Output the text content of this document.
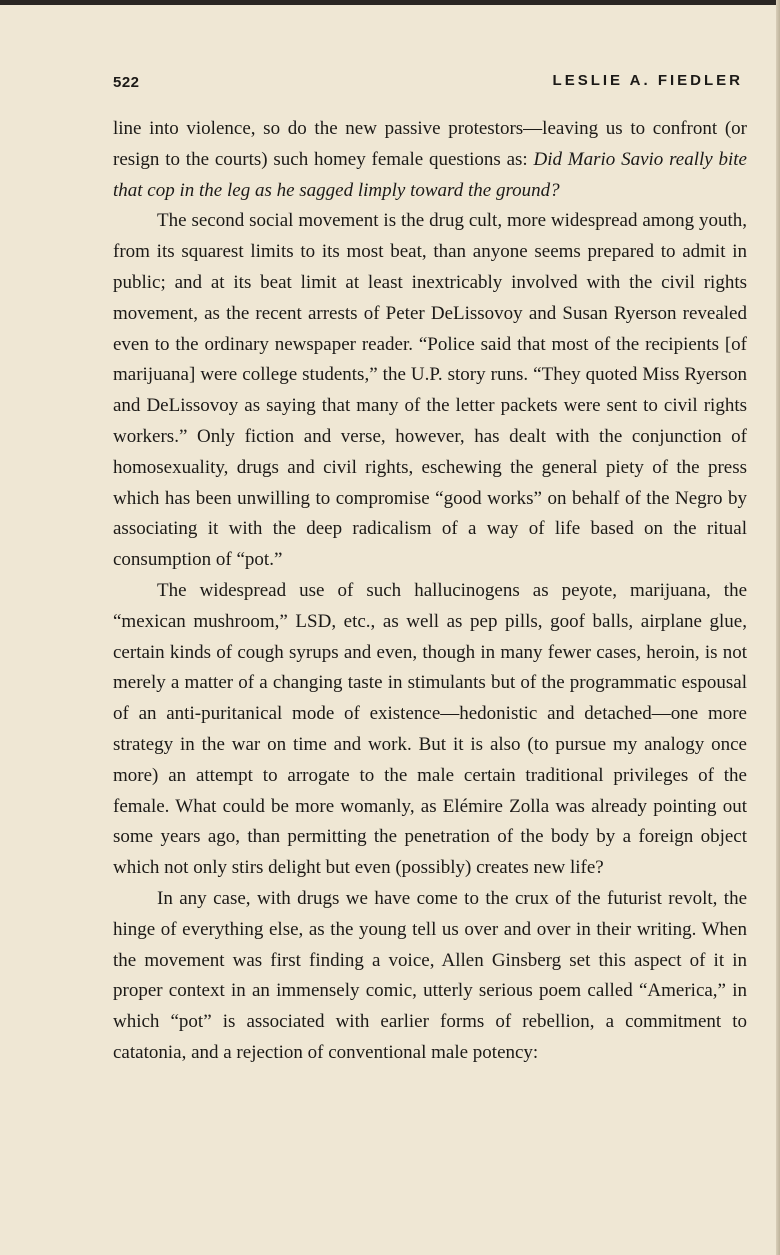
522	LESLIE A. FIEDLER

line into violence, so do the new passive protestors—leaving us to confront (or resign to the courts) such homey female questions as: Did Mario Savio really bite that cop in the leg as he sagged limply toward the ground?

The second social movement is the drug cult, more widespread among youth, from its squarest limits to its most beat, than anyone seems prepared to admit in public; and at its beat limit at least inextricably involved with the civil rights movement, as the recent arrests of Peter DeLissovoy and Susan Ryerson revealed even to the ordinary newspaper reader. “Police said that most of the recipients [of marijuana] were college students,” the U.P. story runs. “They quoted Miss Ryerson and DeLissovoy as saying that many of the letter packets were sent to civil rights workers.” Only fiction and verse, however, has dealt with the conjunction of homosexuality, drugs and civil rights, eschewing the general piety of the press which has been unwilling to compromise “good works” on behalf of the Negro by associating it with the deep radicalism of a way of life based on the ritual consumption of “pot.”

The widespread use of such hallucinogens as peyote, marijuana, the “mexican mushroom,” LSD, etc., as well as pep pills, goof balls, airplane glue, certain kinds of cough syrups and even, though in many fewer cases, heroin, is not merely a matter of a changing taste in stimulants but of the programmatic espousal of an anti-puritanical mode of existence—hedonistic and detached—one more strategy in the war on time and work. But it is also (to pursue my analogy once more) an attempt to arrogate to the male certain traditional privileges of the female. What could be more womanly, as Elémire Zolla was already pointing out some years ago, than permitting the penetration of the body by a foreign object which not only stirs delight but even (possibly) creates new life?

In any case, with drugs we have come to the crux of the futurist revolt, the hinge of everything else, as the young tell us over and over in their writing. When the movement was first finding a voice, Allen Ginsberg set this aspect of it in proper context in an immensely comic, utterly serious poem called “America,” in which “pot” is associated with earlier forms of rebellion, a commitment to catatonia, and a rejection of conventional male potency:
